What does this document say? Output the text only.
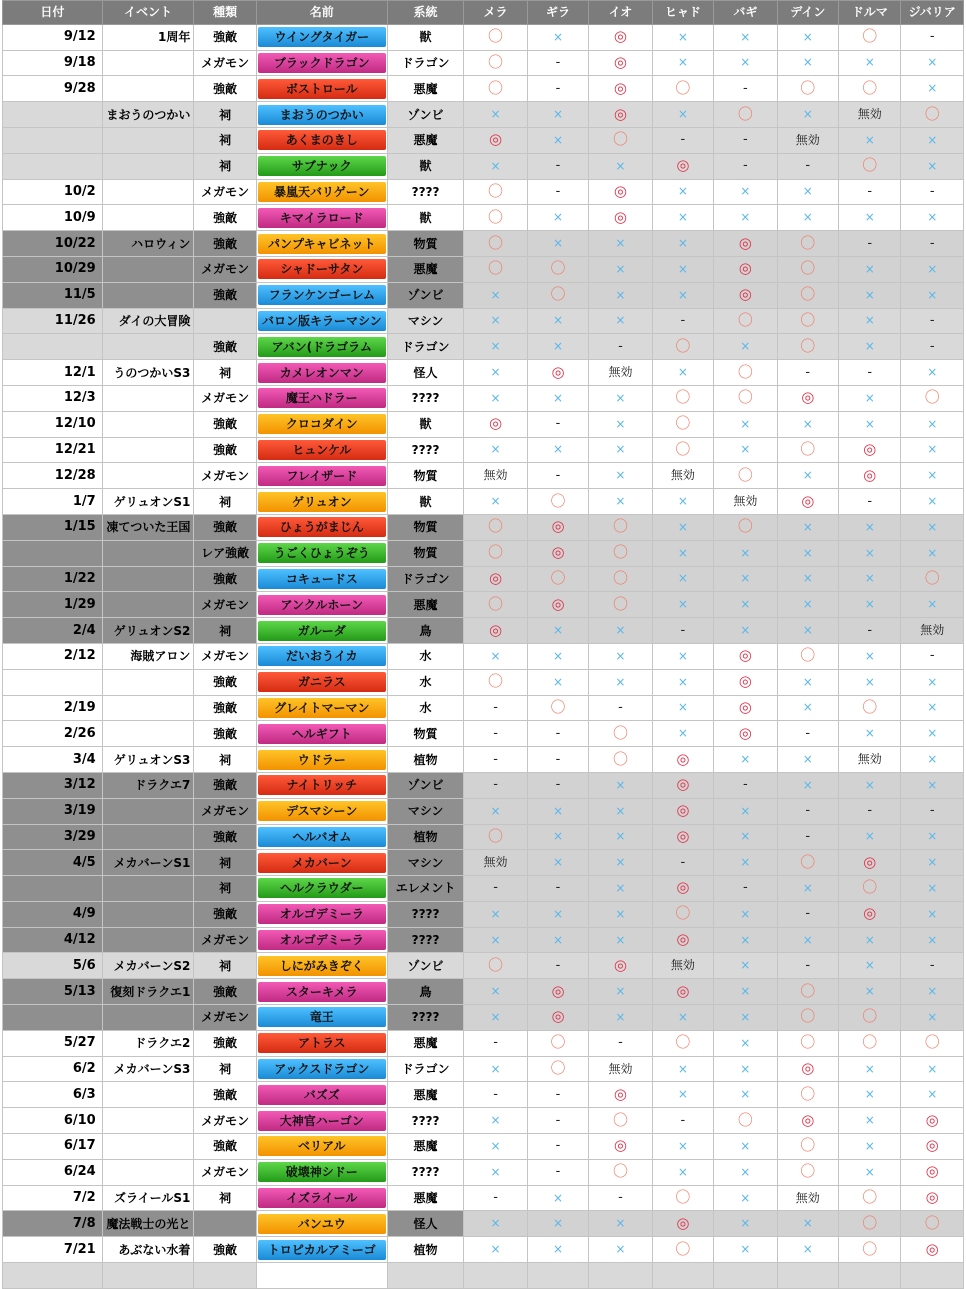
日付	イベント	種類	名前	系統	メラ	ギラ	イオ	ヒャド	バギ	デイン	ドルマ	ジバリア
9/12	1周年	強敵	ウイングタイガー	獣	〇	×	◎	×	×	×	〇	-
9/18		メガモン	ブラックドラゴン	ドラゴン	〇	-	◎	×	×	×	×	×
9/28		強敵	ボストロール	悪魔	〇	-	◎	〇	-	〇	〇	×
	まおうのつかい	祠	まおうのつかい	ゾンビ	×	×	◎	×	〇	×	無効	〇
		祠	あくまのきし	悪魔	◎	×	〇	-	-	無効	×	×
		祠	サブナック	獣	×	-	×	◎	-	-	〇	×
10/2		メガモン	暴嵐天バリゲーン	????	〇	-	◎	×	×	×	-	-
10/9		強敵	キマイラロード	獣	〇	×	◎	×	×	×	×	×
10/22	ハロウィン	強敵	パンプキャビネット	物質	〇	×	×	×	◎	〇	-	-
10/29		メガモン	シャドーサタン	悪魔	〇	〇	×	×	◎	〇	×	×
11/5		強敵	フランケンゴーレム	ゾンビ	×	〇	×	×	◎	〇	×	×
11/26	ダイの大冒険		バロン版キラーマシン	マシン	×	×	×	-	〇	〇	×	-
		強敵	アバン(ドラゴラム	ドラゴン	×	×	-	〇	×	〇	×	-
12/1	うのつかいS3	祠	カメレオンマン	怪人	×	◎	無効	×	〇	-	-	×
12/3		メガモン	魔王ハドラー	????	×	×	×	〇	〇	◎	×	〇
12/10		強敵	クロコダイン	獣	◎	-	×	〇	×	×	×	×
12/21		強敵	ヒュンケル	????	×	×	×	〇	×	〇	◎	×
12/28		メガモン	フレイザード	物質	無効	-	×	無効	〇	×	◎	×
1/7	ゲリュオンS1	祠	ゲリュオン	獣	×	〇	×	×	無効	◎	-	×
1/15	凍てついた王国	強敵	ひょうがまじん	物質	〇	◎	〇	×	〇	×	×	×
		レア強敵	うごくひょうぞう	物質	〇	◎	〇	×	×	×	×	×
1/22		強敵	コキュードス	ドラゴン	◎	〇	〇	×	×	×	×	〇
1/29		メガモン	アンクルホーン	悪魔	〇	◎	〇	×	×	×	×	×
2/4	ゲリュオンS2	祠	ガルーダ	鳥	◎	×	×	-	×	×	-	無効
2/12	海賊アロン	メガモン	だいおうイカ	水	×	×	×	×	◎	〇	×	-
		強敵	ガニラス	水	〇	×	×	×	◎	×	×	×
2/19		強敵	グレイトマーマン	水	-	〇	-	×	◎	×	〇	×
2/26		強敵	ヘルギフト	物質	-	-	〇	×	◎	-	×	×
3/4	ゲリュオンS3	祠	ウドラー	植物	-	-	〇	◎	×	×	無効	×
3/12	ドラクエ7	強敵	ナイトリッチ	ゾンビ	-	-	×	◎	-	×	×	×
3/19		メガモン	デスマシーン	マシン	×	×	×	◎	×	-	-	-
3/29		強敵	ヘルバオム	植物	〇	×	×	◎	×	-	×	×
4/5	メカバーンS1	祠	メカバーン	マシン	無効	×	×	-	×	〇	◎	×
		祠	ヘルクラウダー	エレメント	-	-	×	◎	-	×	〇	×
4/9		強敵	オルゴデミーラ	????	×	×	×	〇	×	-	◎	×
4/12		メガモン	オルゴデミーラ	????	×	×	×	◎	×	×	×	×
5/6	メカバーンS2	祠	しにがみきぞく	ゾンビ	〇	-	◎	無効	×	-	×	-
5/13	復刻ドラクエ1	強敵	スターキメラ	鳥	×	◎	×	◎	×	〇	×	×
		メガモン	竜王	????	×	◎	×	×	×	〇	〇	×
5/27	ドラクエ2	強敵	アトラス	悪魔	-	〇	-	〇	×	〇	〇	〇
6/2	メカバーンS3	祠	アックスドラゴン	ドラゴン	×	〇	無効	×	×	◎	×	×
6/3		強敵	バズズ	悪魔	-	-	◎	×	×	〇	×	×
6/10		メガモン	大神官ハーゴン	????	×	-	〇	-	〇	◎	×	◎
6/17		強敵	ベリアル	悪魔	×	-	◎	×	×	〇	×	◎
6/24		メガモン	破壊神シドー	????	×	-	〇	×	×	〇	×	◎
7/2	ズライールS1	祠	イズライール	悪魔	-	×	-	〇	×	無効	〇	◎
7/8	魔法戦士の光と		バンユウ	怪人	×	×	×	◎	×	×	〇	〇
7/21	あぶない水着	強敵	トロピカルアミーゴ	植物	×	×	×	〇	×	×	〇	◎
